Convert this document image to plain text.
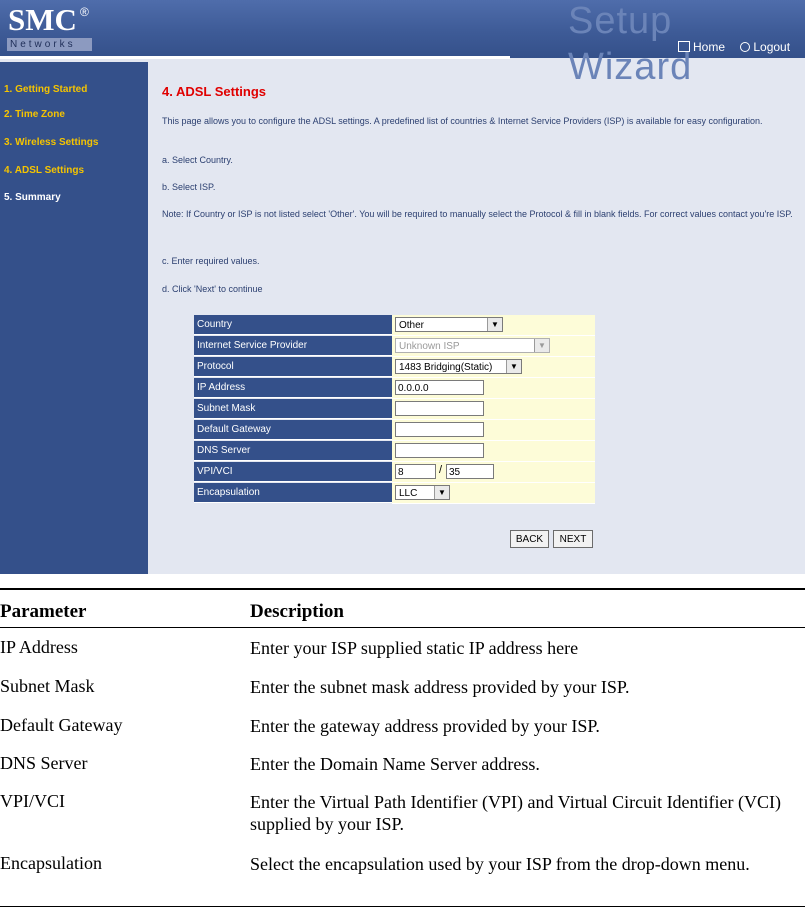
SMC ®
Networks
Setup Wizard Home Logout
1. Getting Started
2. Time Zone
3. Wireless Settings
4. ADSL Settings
5. Summary
4. ADSL Settings

This page allows you to configure the ADSL settings. A predefined list of countries & Internet Service Providers (ISP) is available for easy configuration.

a. Select Country.

b. Select ISP.

Note: If Country or ISP is not listed select 'Other'. You will be required to manually select the Protocol & fill in blank fields. For correct values contact you're ISP.

c. Enter required values.

d. Click 'Next' to continue

Country	Other	▼
Internet Service Provider	Unknown ISP	▼
Protocol	1483 Bridging(Static)	▼
IP Address	0.0.0.0
Subnet Mask
Default Gateway
DNS Server
VPI/VCI	8	/ 35
Encapsulation	LLC	▼
BACK	NEXT
Parameter	Description
IP Address	Enter your ISP supplied static IP address here
Subnet Mask	Enter the subnet mask address provided by your ISP.
Default Gateway	Enter the gateway address provided by your ISP.
DNS Server	Enter the Domain Name Server address.
VPI/VCI	Enter the Virtual Path Identifier (VPI) and Virtual Circuit Identifier (VCI) supplied by your ISP.
Encapsulation	Select the encapsulation used by your ISP from the drop-down menu.
